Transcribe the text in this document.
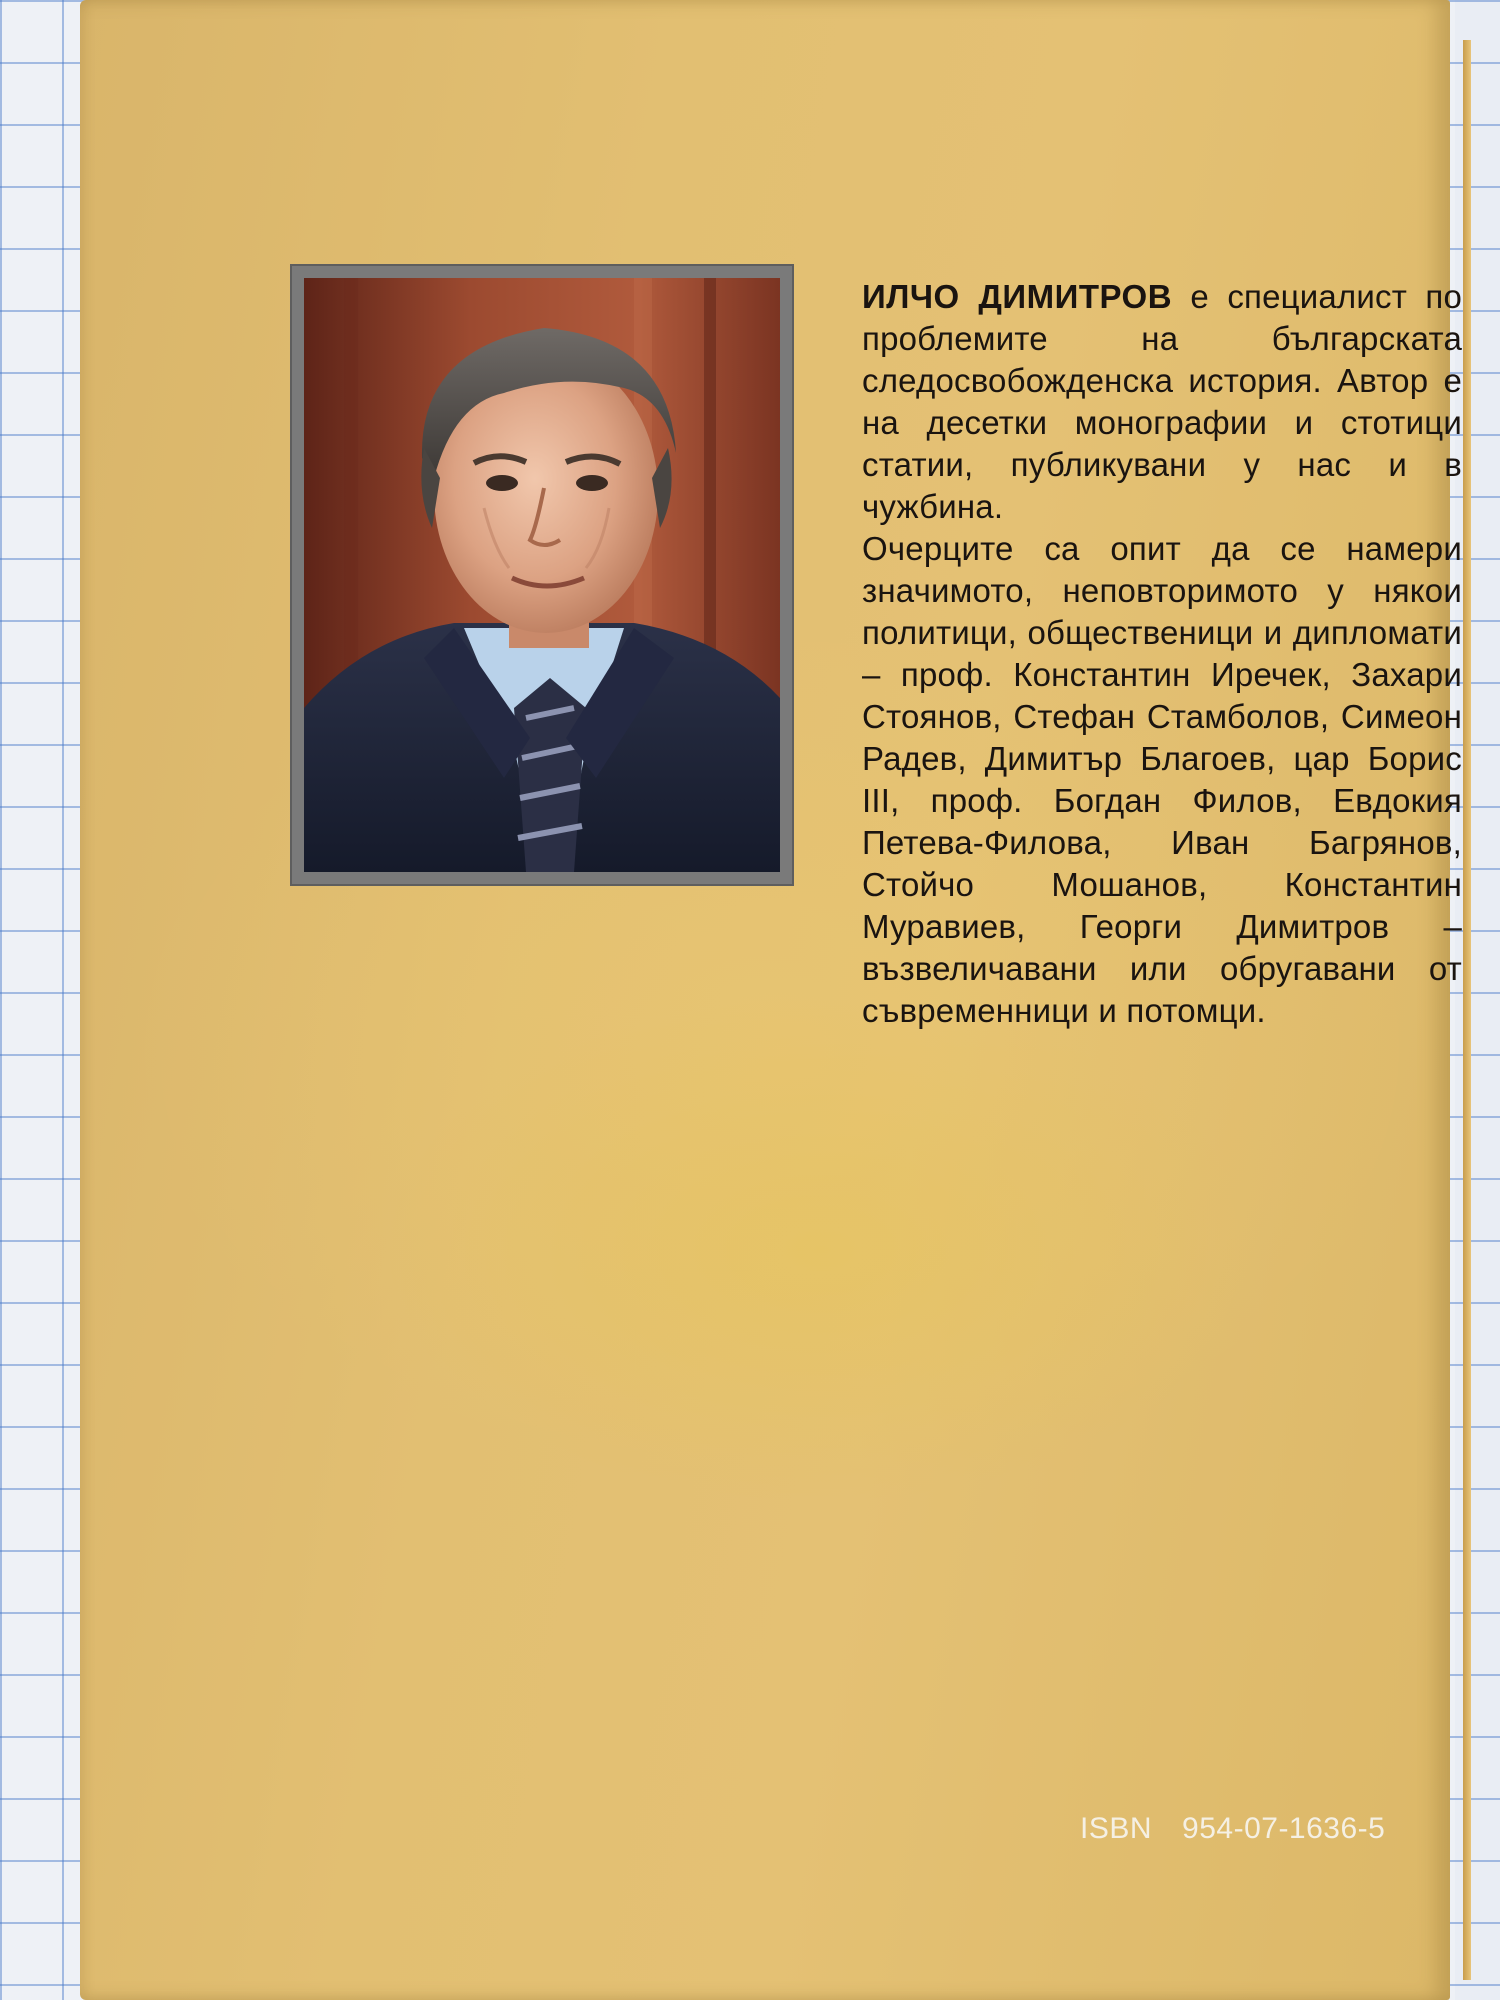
ИЛЧО ДИМИТРОВ е специалист по проблемите на българската следосвобожденска история. Автор е на десетки монографии и стотици статии, публикувани у нас и в чужбина.

Очерците са опит да се намери значимото, неповторимото у някои политици, общественици и дипломати – проф. Константин Иречек, Захари Стоянов, Стефан Стамболов, Симеон Радев, Димитър Благоев, цар Борис III, проф. Богдан Филов, Евдокия Петева-Филова, Иван Багрянов, Стойчо Мошанов, Константин Муравиев, Георги Димитров – възвеличавани или обругавани от съвременници и потомци.

ISBN 954-07-1636-5
